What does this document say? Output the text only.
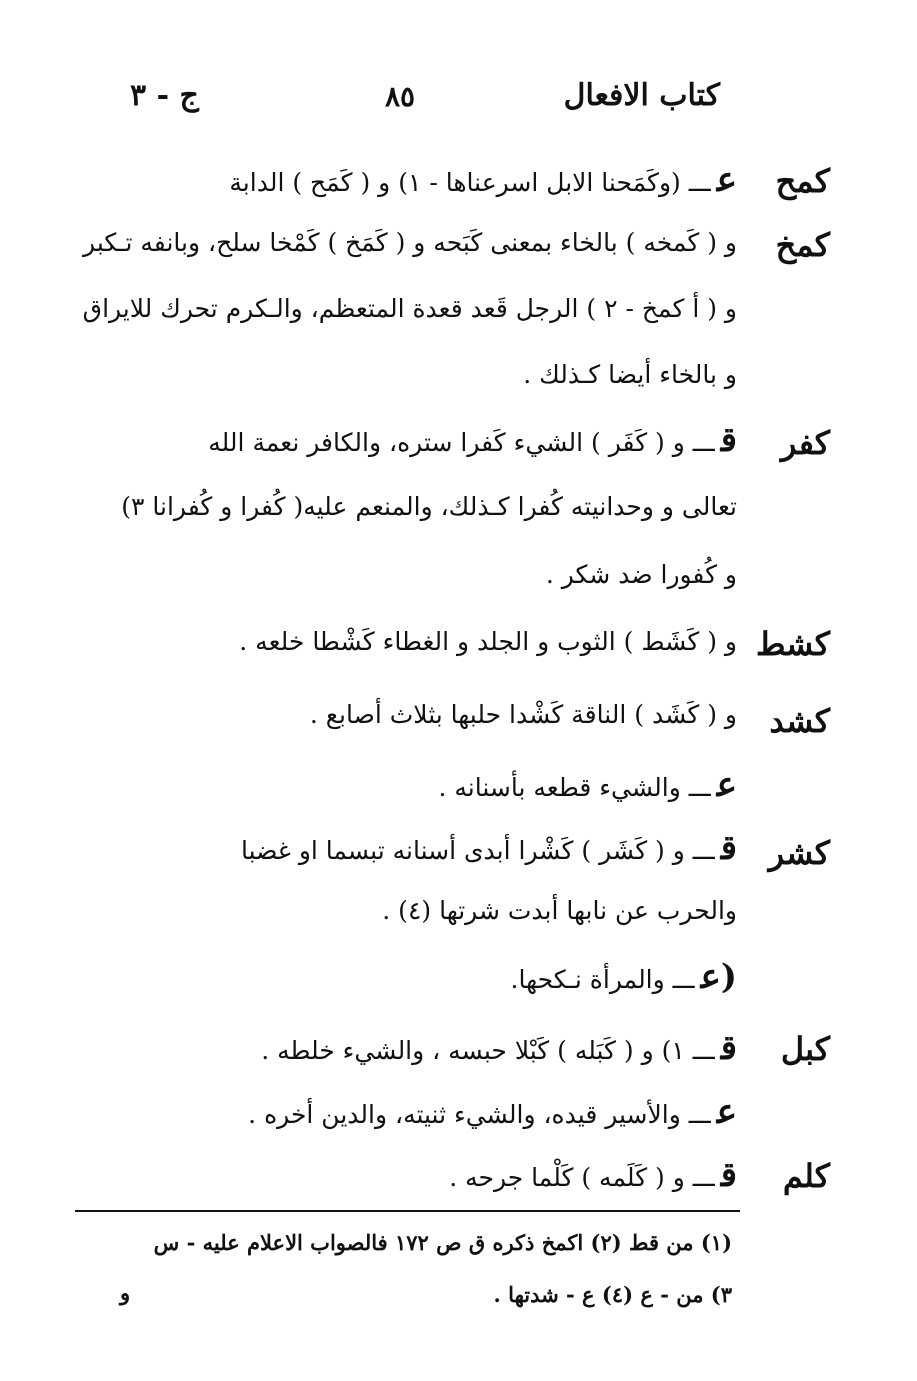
كتاب الافعال
٨٥
ج - ٣
كمح
عـــ (وكَمَحنا الابل اسرعناها - ١) و ( كَمَح ) الدابة
كمخ
و ( كَمخه ) بالخاء بمعنى كَبَحه و ( كَمَخ ) كَمْخا سلح، وبانفه تـكبر
و ( أ كمخ - ٢ ) الرجل قَعد قعدة المتعظم، والـكرم تحرك للايراق
و بالخاء أيضا كـذلك .
كفر
قـــ و ( كَفَر ) الشيء كَفرا ستره، والكافر نعمة الله
تعالى و وحدانيته كُفرا كـذلك، والمنعم عليه( كُفرا و كُفرانا ٣)
و كُفورا ضد شكر .
كشط
و ( كَشَط ) الثوب و الجلد و الغطاء كَشْطا خلعه .
كشد
و ( كَشَد ) الناقة كَشْدا حلبها بثلاث أصابع .
عـــ والشيء قطعه بأسنانه .
كشر
قـــ و ( كَشَر ) كَشْرا أبدى أسنانه تبسما او غضبا
والحرب عن نابها أبدت شرتها (٤) .
(عـــ والمرأة نـكحها.
كبل
قـــ ١) و ( كَبَله ) كَبْلا حبسه ، والشيء خلطه .
عـــ والأسير قيده، والشيء ثنيته، والدين أخره .
كلم
قـــ و ( كَلَمه ) كَلْما جرحه .
(١) من قط (٢) اكمخ ذكره ق ص ١٧٢ فالصواب الاعلام عليه - س
٣) من - ع (٤) ع - شدتها .
و
